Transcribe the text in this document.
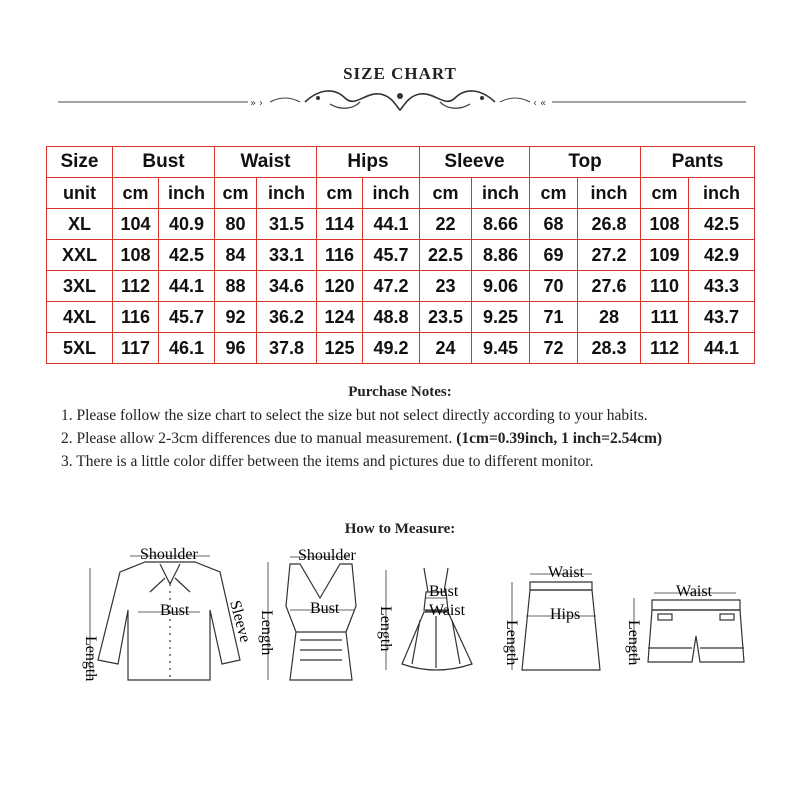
SIZE CHART
» ›	‹ «
Size	Bust		Waist		Hips		Sleeve		Top		Pants	
unit	cm	inch	cm	inch	cm	inch	cm	inch	cm	inch	cm	inch
XL	104	40.9	80	31.5	114	44.1	22	8.66	68	26.8	108	42.5
XXL	108	42.5	84	33.1	116	45.7	22.5	8.86	69	27.2	109	42.9
3XL	112	44.1	88	34.6	120	47.2	23	9.06	70	27.6	110	43.3
4XL	116	45.7	92	36.2	124	48.8	23.5	9.25	71	28	111	43.7
5XL	117	46.1	96	37.8	125	49.2	24	9.45	72	28.3	112	44.1
Purchase Notes:

1. Please follow the size chart to select the size but not select directly according to your habits.

2. Please allow 2-3cm differences due to manual measurement. (1cm=0.39inch, 1 inch=2.54cm)

3. There is a little color differ between the items and pictures due to different monitor.

How to Measure:
Shoulder
Bust
Length
Sleeve
Shoulder
Bust
Length
Bust
Waist
Length
Waist
Hips
Length
Waist
Length
